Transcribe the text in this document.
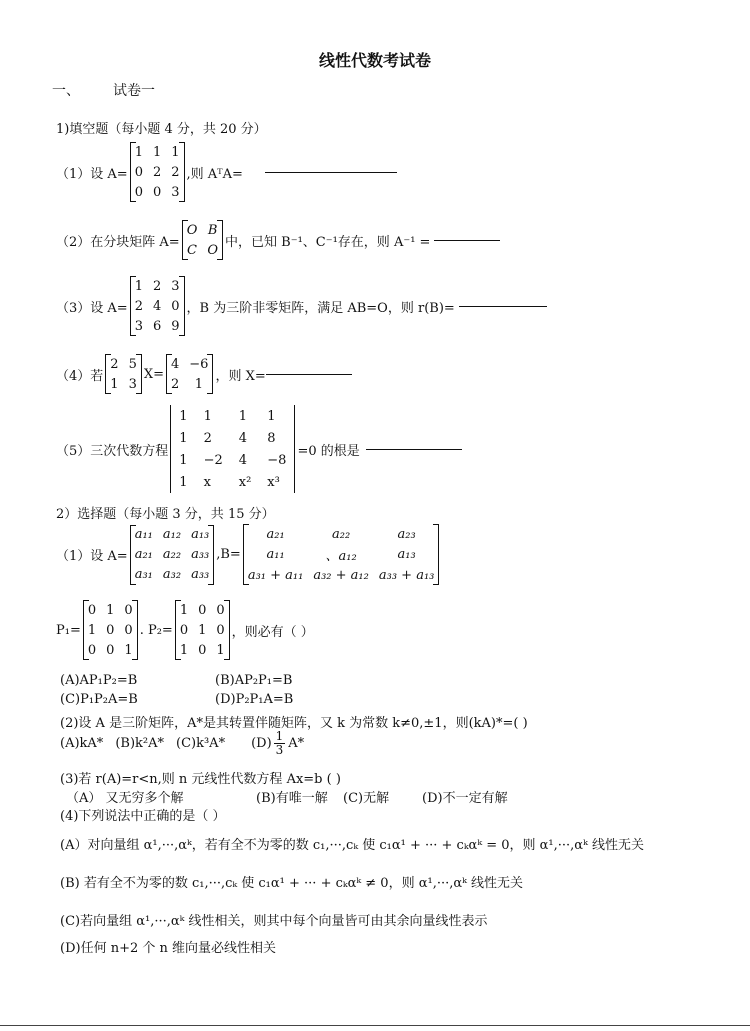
线性代数考试卷
一、 试卷一
1)填空题（每小题 4 分，共 20 分）
（1）设 A=
1	1	1
0	2	2
0	0	3
,则 AᵀA=
（2）在分块矩阵 A=
O	B
C	O
中，已知 B⁻¹、C⁻¹存在，则 A⁻¹ =
（3）设 A=
1	2	3
2	4	0
3	6	9
，B 为三阶非零矩阵，满足 AB=O，则 r(B)=
（4）若
2	5
1	3
X=
4	−6
2	1
，则 X=
（5）三次代数方程
1	1	1	1
1	2	4	8
1	−2	4	−8
1	x	x²	x³
=0 的根是
2）选择题（每小题 3 分，共 15 分）
（1）设 A=
a₁₁	a₁₂	a₁₃
a₂₁	a₂₂	a₃₃
a₃₁	a₃₂	a₃₃
,B=
a₂₁	a₂₂	a₂₃
a₁₁	、a₁₂	a₁₃
a₃₁ + a₁₁	a₃₂ + a₁₂	a₃₃ + a₁₃
P₁=
0	1	0
1	0	0
0	0	1
. P₂=
1	0	0
0	1	0
1	0	1
，则必有（ ）
(A)AP₁P₂=B	(B)AP₂P₁=B
(C)P₁P₂A=B	(D)P₂P₁A=B
(2)设 A 是三阶矩阵，A*是其转置伴随矩阵，又 k 为常数 k≠0,±1，则(kA)*=( )
(A)kA* (B)k²A* (C)k³A* $(D) \frac{1}{3} A*$
(3)若 r(A)=r<n,则 n 元线性代数方程 Ax=b ( )
（A） 又无穷多个解	(B)有唯一解 (C)无解	(D)不一定有解
(4)下列说法中正确的是（ ）
(A）对向量组 α¹,···,αᵏ，若有全不为零的数 c₁,···,cₖ 使 c₁α¹ + ··· + cₖαᵏ = 0，则 α¹,···,αᵏ 线性无关
(B) 若有全不为零的数 c₁,···,cₖ 使 c₁α¹ + ··· + cₖαᵏ ≠ 0，则 α¹,···,αᵏ 线性无关
(C)若向量组 α¹,···,αᵏ 线性相关，则其中每个向量皆可由其余向量线性表示
(D)任何 n+2 个 n 维向量必线性相关
